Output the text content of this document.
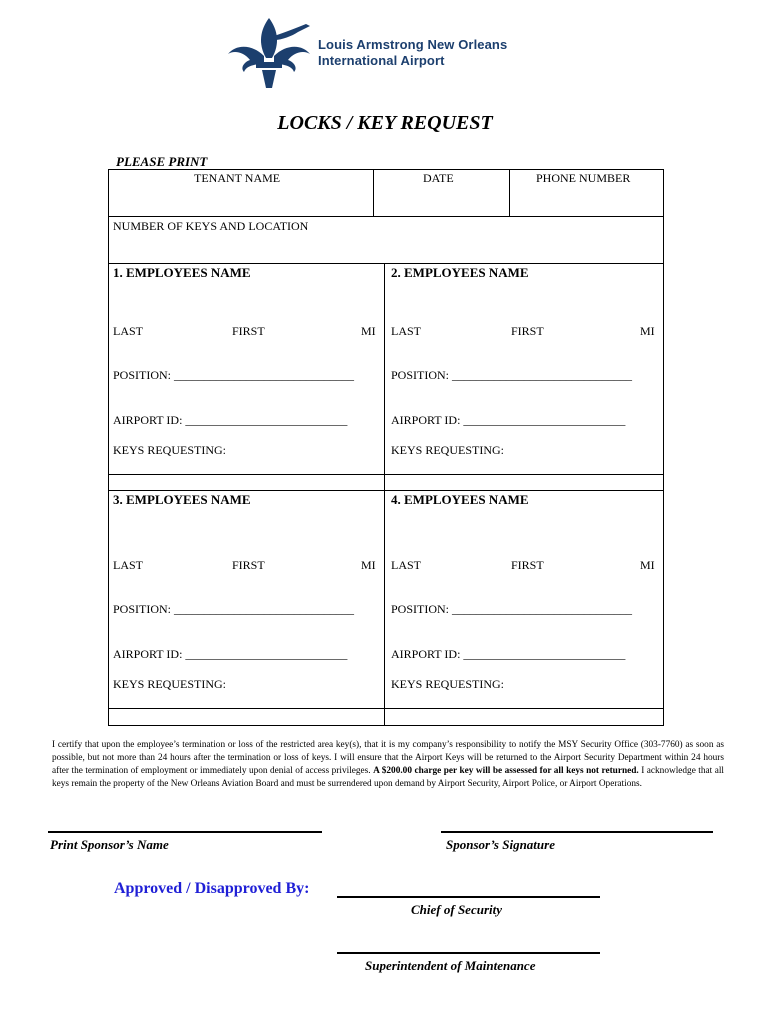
Louis Armstrong New Orleans
International Airport
LOCKS / KEY REQUEST
PLEASE PRINT
TENANT NAME	DATE	PHONE NUMBER
NUMBER OF KEYS AND LOCATION
1. EMPLOYEES NAME	2. EMPLOYEES NAME
LAST	FIRST	MI LAST	FIRST	MI
POSITION: ______________________________	POSITION: ______________________________
AIRPORT ID: ___________________________	AIRPORT ID: ___________________________
KEYS REQUESTING:	KEYS REQUESTING:
3. EMPLOYEES NAME	4. EMPLOYEES NAME
LAST	FIRST	MI LAST	FIRST	MI
POSITION: ______________________________	POSITION: ______________________________
AIRPORT ID: ___________________________	AIRPORT ID: ___________________________
KEYS REQUESTING:	KEYS REQUESTING:
I certify that upon the employee’s termination or loss of the restricted area key(s), that it is my company’s responsibility to notify the MSY Security Office (303-7760) as soon as possible, but not more than 24 hours after the termination or loss of keys. I will ensure that the Airport Keys will be returned to the Airport Security Department within 24 hours after the termination of employment or immediately upon denial of access privileges. A $200.00 charge per key will be assessed for all keys not returned. I acknowledge that all keys remain the property of the New Orleans Aviation Board and must be surrendered upon demand by Airport Security, Airport Police, or Airport Operations.
Print Sponsor’s Name	Sponsor’s Signature
Approved / Disapproved By:
Chief of Security
Superintendent of Maintenance
